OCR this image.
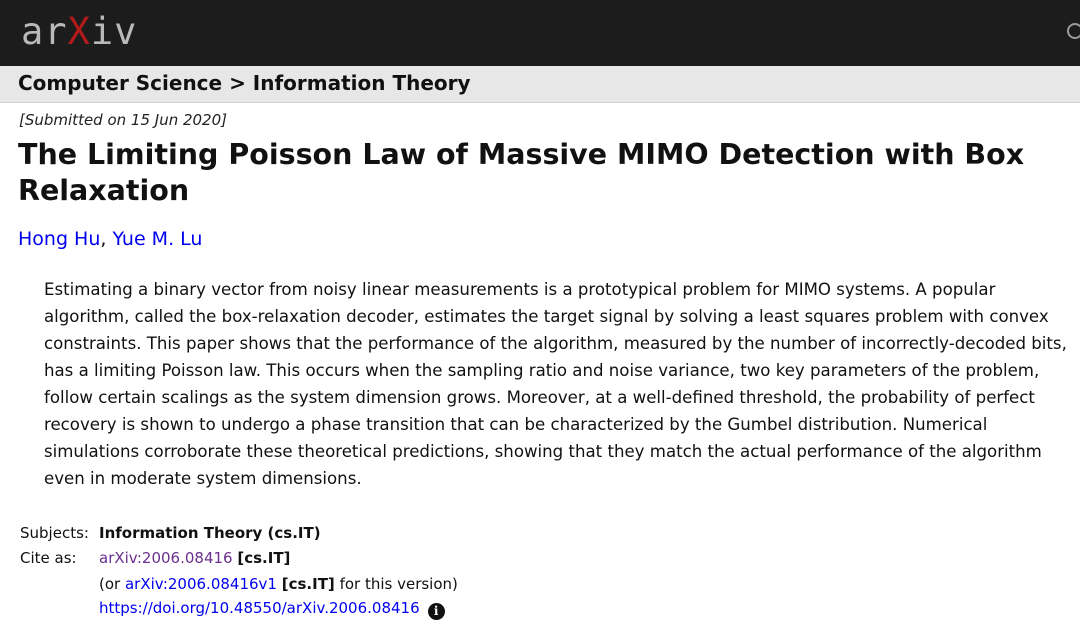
arXiv
Computer Science > Information Theory
[Submitted on 15 Jun 2020]
The Limiting Poisson Law of Massive MIMO Detection with Box Relaxation
Hong Hu, Yue M. Lu
Estimating a binary vector from noisy linear measurements is a prototypical problem for MIMO systems. A popular algorithm, called the box-relaxation decoder, estimates the target signal by solving a least squares problem with convex constraints. This paper shows that the performance of the algorithm, measured by the number of incorrectly-decoded bits, has a limiting Poisson law. This occurs when the sampling ratio and noise variance, two key parameters of the problem, follow certain scalings as the system dimension grows. Moreover, at a well-defined threshold, the probability of perfect recovery is shown to undergo a phase transition that can be characterized by the Gumbel distribution. Numerical simulations corroborate these theoretical predictions, showing that they match the actual performance of the algorithm even in moderate system dimensions.
Subjects:	Information Theory (cs.IT)
Cite as:	arXiv:2006.08416 [cs.IT]
	(or arXiv:2006.08416v1 [cs.IT] for this version)
	https://doi.org/10.48550/arXiv.2006.08416 i
